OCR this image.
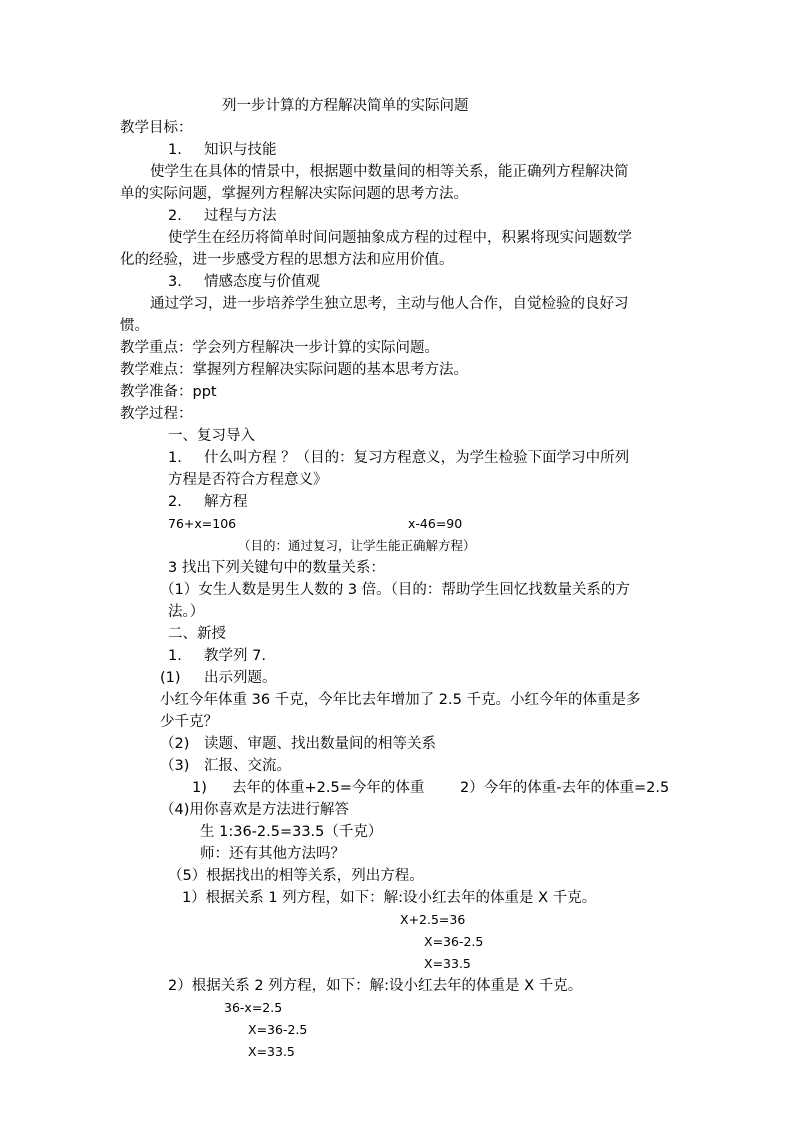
列一步计算的方程解决简单的实际问题
教学目标：
1. 知识与技能
使学生在具体的情景中，根据题中数量间的相等关系，能正确列方程解决简
单的实际问题，掌握列方程解决实际问题的思考方法。
2. 过程与方法
使学生在经历将简单时间问题抽象成方程的过程中，积累将现实问题数学
化的经验，进一步感受方程的思想方法和应用价值。
3. 情感态度与价值观
通过学习，进一步培养学生独立思考，主动与他人合作，自觉检验的良好习
惯。
教学重点：学会列方程解决一步计算的实际问题。
教学难点：掌握列方程解决实际问题的基本思考方法。
教学准备：ppt
教学过程：
一、复习导入
1. 什么叫方程 ？（目的：复习方程意义，为学生检验下面学习中所列
方程是否符合方程意义》
2. 解方程
76+x=106	x-46=90
（目的：通过复习，让学生能正确解方程）
3 找出下列关键句中的数量关系：
（1）女生人数是男生人数的 3 倍。（目的：帮助学生回忆找数量关系的方
法。）
二、新授
1. 教学列 7.
(1) 出示列题。
小红今年体重 36 千克，今年比去年增加了 2.5 千克。小红今年的体重是多
少千克？
（2) 读题、审题、找出数量间的相等关系
（3) 汇报、交流。
1) 去年的体重+2.5=今年的体重 2）今年的体重-去年的体重=2.5
（4)用你喜欢是方法进行解答
生 1:36-2.5=33.5（千克）
师：还有其他方法吗？
（5）根据找出的相等关系，列出方程。
1）根据关系 1 列方程，如下：解:设小红去年的体重是 X 千克。
X+2.5=36
X=36-2.5
X=33.5
2）根据关系 2 列方程，如下：解:设小红去年的体重是 X 千克。
36-x=2.5
X=36-2.5
X=33.5
